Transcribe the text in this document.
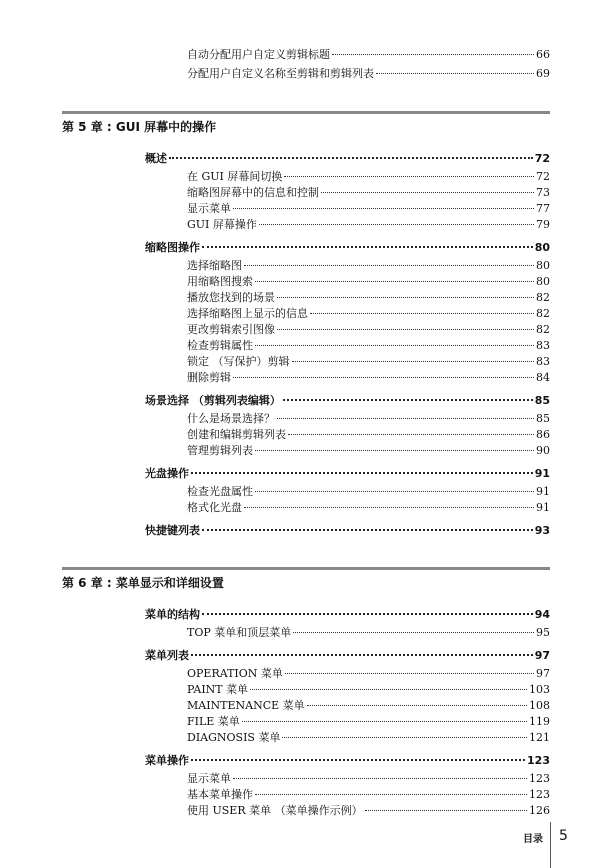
自动分配用户自定义剪辑标题	66
分配用户自定义名称至剪辑和剪辑列表	69
第 5 章 : GUI 屏幕中的操作
概述	72
在 GUI 屏幕间切换	72
缩略图屏幕中的信息和控制	73
显示菜单	77
GUI 屏幕操作	79
缩略图操作	80
选择缩略图	80
用缩略图搜索	80
播放您找到的场景	82
选择缩略图上显示的信息	82
更改剪辑索引图像	82
检查剪辑属性	83
锁定 （写保护）剪辑	83
删除剪辑	84
场景选择 （剪辑列表编辑）	85
什么是场景选择？	85
创建和编辑剪辑列表	86
管理剪辑列表	90
光盘操作	91
检查光盘属性	91
格式化光盘	91
快捷键列表	93
第 6 章 : 菜单显示和详细设置
菜单的结构	94
TOP 菜单和顶层菜单	95
菜单列表	97
OPERATION 菜单	97
PAINT 菜单	103
MAINTENANCE 菜单	108
FILE 菜单	119
DIAGNOSIS 菜单	121
菜单操作	123
显示菜单	123
基本菜单操作	123
使用 USER 菜单 （菜单操作示例）	126
目录 5
